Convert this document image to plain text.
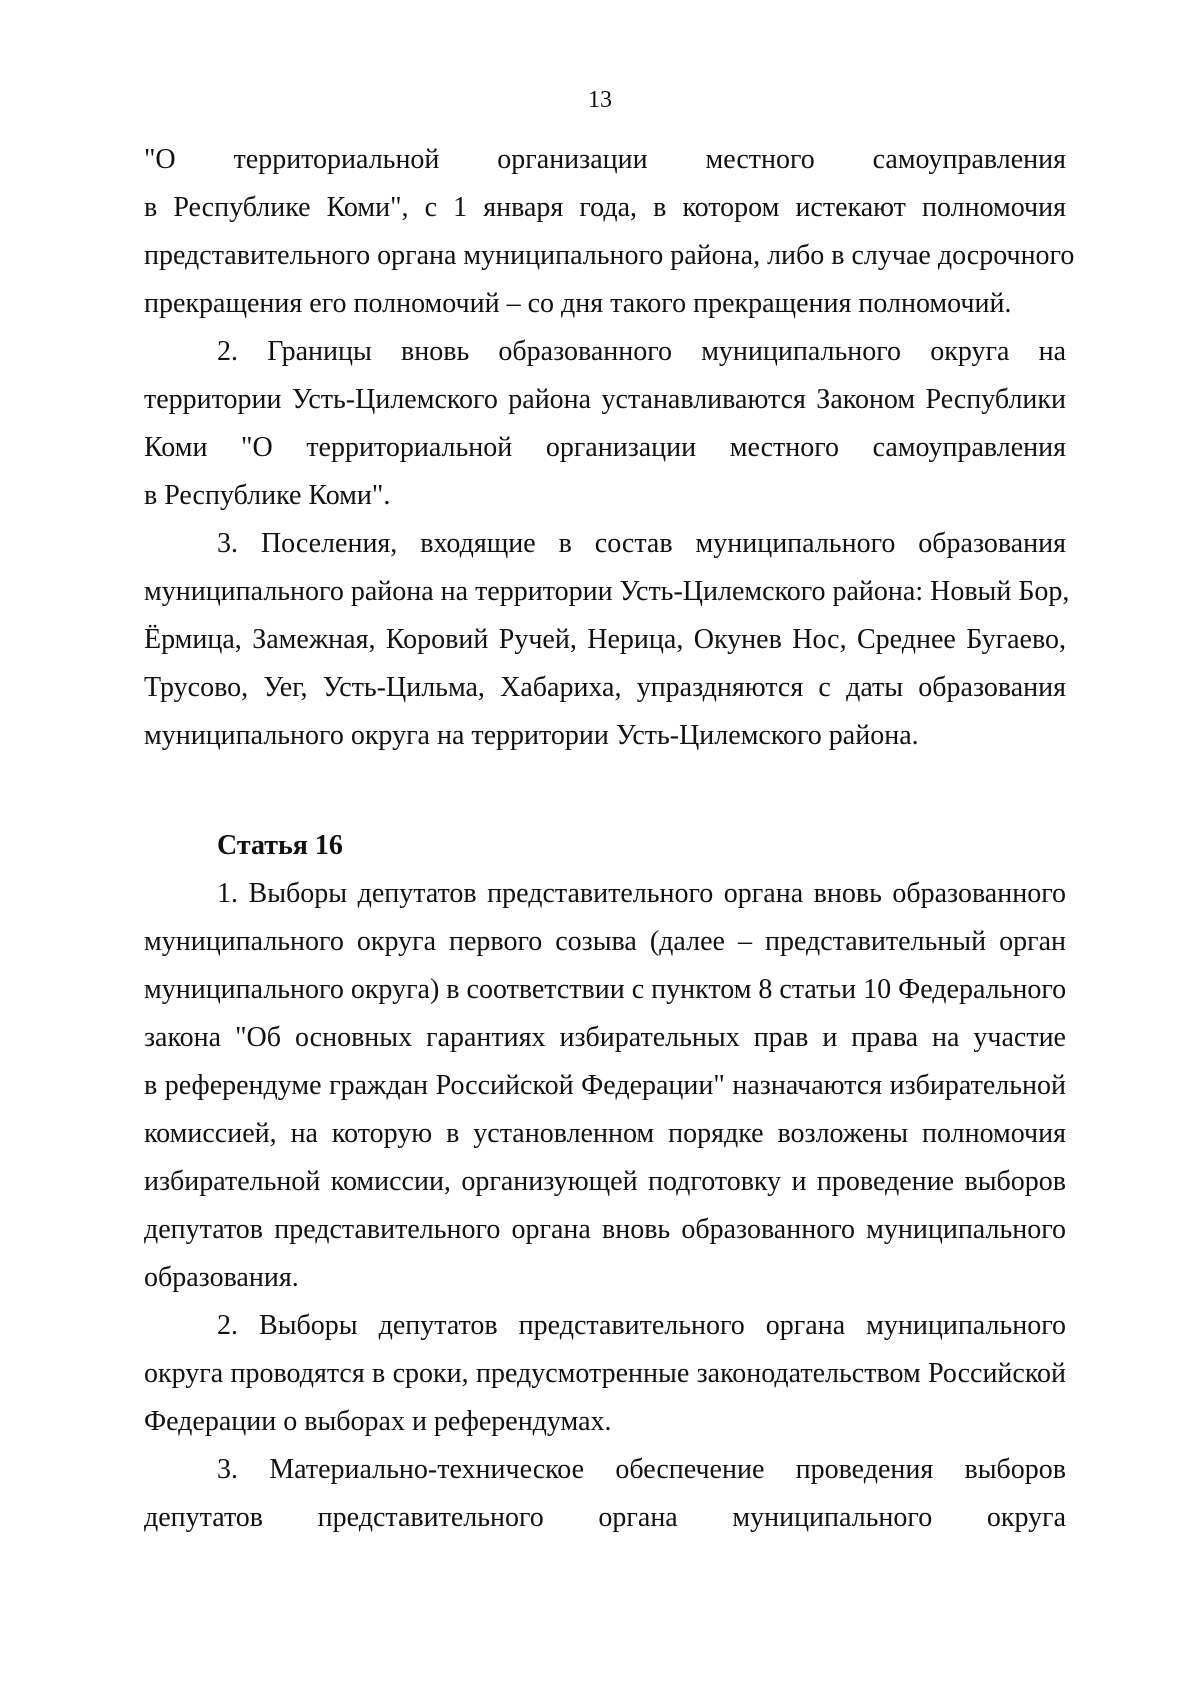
13
"О территориальной организации местного самоуправления
в Республике Коми", с 1 января года, в котором истекают полномочия
представительного органа муниципального района, либо в случае досрочного
прекращения его полномочий – со дня такого прекращения полномочий.
2. Границы вновь образованного муниципального округа на
территории Усть-Цилемского района устанавливаются Законом Республики
Коми "О территориальной организации местного самоуправления
в Республике Коми".
3. Поселения, входящие в состав муниципального образования
муниципального района на территории Усть-Цилемского района: Новый Бор,
Ёрмица, Замежная, Коровий Ручей, Нерица, Окунев Нос, Среднее Бугаево,
Трусово, Уег, Усть-Цильма, Хабариха, упраздняются с даты образования
муниципального округа на территории Усть-Цилемского района.
Статья 16
1. Выборы депутатов представительного органа вновь образованного
муниципального округа первого созыва (далее – представительный орган
муниципального округа) в соответствии с пунктом 8 статьи 10 Федерального
закона "Об основных гарантиях избирательных прав и права на участие
в референдуме граждан Российской Федерации" назначаются избирательной
комиссией, на которую в установленном порядке возложены полномочия
избирательной комиссии, организующей подготовку и проведение выборов
депутатов представительного органа вновь образованного муниципального
образования.
2. Выборы депутатов представительного органа муниципального
округа проводятся в сроки, предусмотренные законодательством Российской
Федерации о выборах и референдумах.
3. Материально-техническое обеспечение проведения выборов
депутатов представительного органа муниципального округа
